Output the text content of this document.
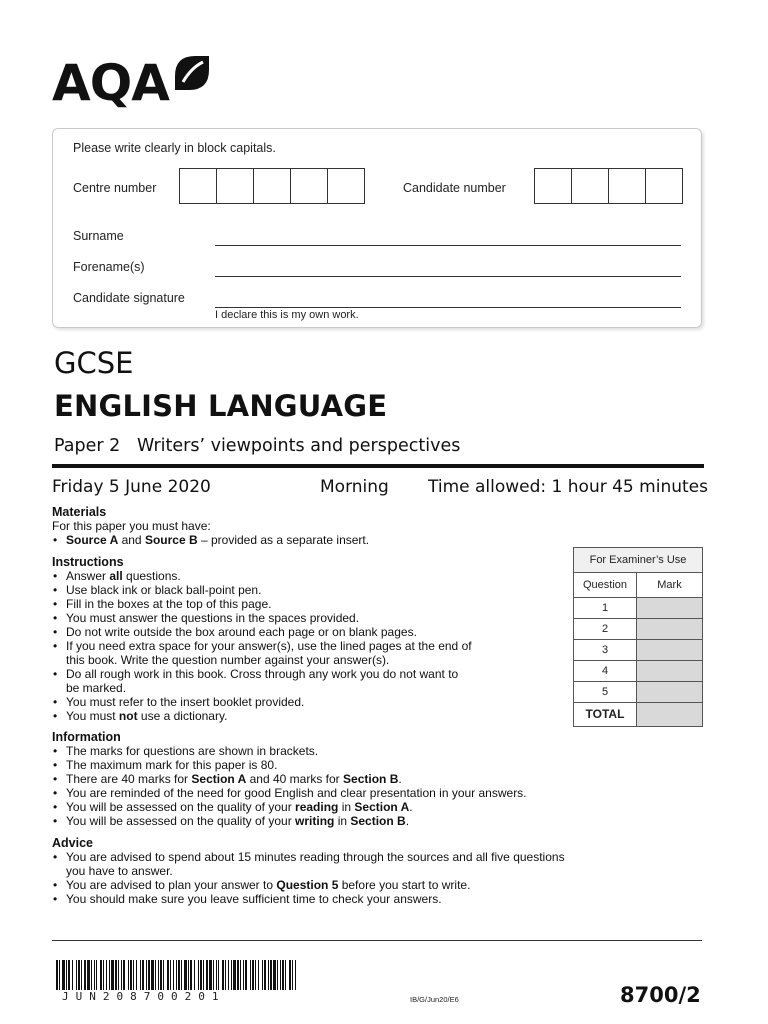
AQA
Please write clearly in block capitals.
Centre number	Candidate number
Surname
Forename(s)
Candidate signature
I declare this is my own work.
GCSE
ENGLISH LANGUAGE
Paper 2   Writers’ viewpoints and perspectives
Friday 5 June 2020	Morning Time allowed: 1 hour 45 minutes
Materials
For this paper you must have:
• Source A and Source B – provided as a separate insert.
Instructions
• Answer all questions.
• Use black ink or black ball-point pen.
• Fill in the boxes at the top of this page.
• You must answer the questions in the spaces provided.
• Do not write outside the box around each page or on blank pages.
• If you need extra space for your answer(s), use the lined pages at the end of
this book. Write the question number against your answer(s).
• Do all rough work in this book. Cross through any work you do not want to
be marked.
• You must refer to the insert booklet provided.
• You must not use a dictionary.
Information
• The marks for questions are shown in brackets.
• The maximum mark for this paper is 80.
• There are 40 marks for Section A and 40 marks for Section B.
• You are reminded of the need for good English and clear presentation in your answers.
• You will be assessed on the quality of your reading in Section A.
• You will be assessed on the quality of your writing in Section B.
Advice
• You are advised to spend about 15 minutes reading through the sources and all five questions
you have to answer.
• You are advised to plan your answer to Question 5 before you start to write.
• You should make sure you leave sufficient time to check your answers.
For Examiner’s Use
Question	Mark
1
2
3
4
5
TOTAL
JUN208700201	IB/G/Jun20/E6	8700/2
